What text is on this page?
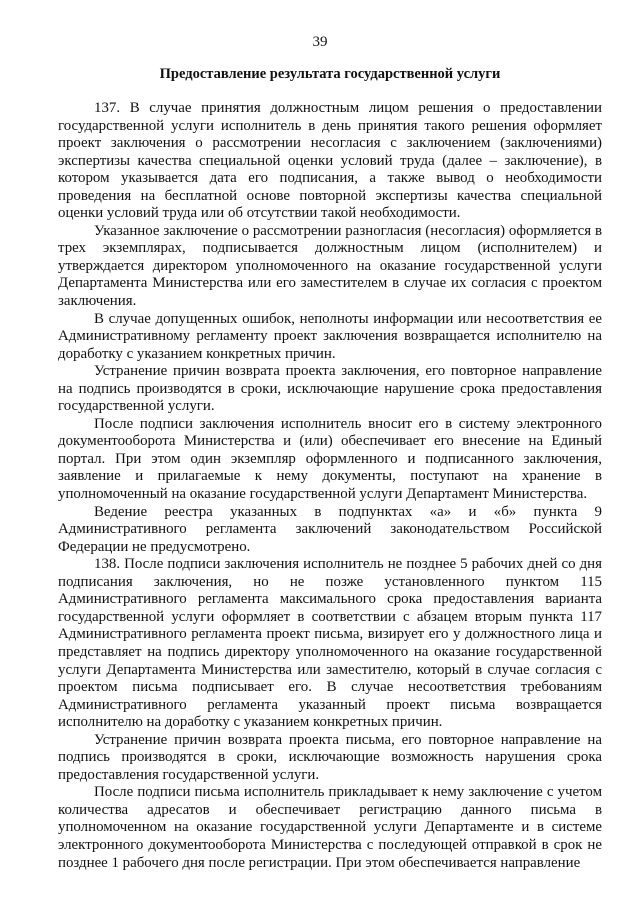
39
Предоставление результата государственной услуги

137. В случае принятия должностным лицом решения о предоставлении государственной услуги исполнитель в день принятия такого решения оформляет проект заключения о рассмотрении несогласия с заключением (заключениями) экспертизы качества специальной оценки условий труда (далее – заключение), в котором указывается дата его подписания, а также вывод о необходимости проведения на бесплатной основе повторной экспертизы качества специальной оценки условий труда или об отсутствии такой необходимости.

Указанное заключение о рассмотрении разногласия (несогласия) оформляется в трех экземплярах, подписывается должностным лицом (исполнителем) и утверждается директором уполномоченного на оказание государственной услуги Департамента Министерства или его заместителем в случае их согласия с проектом заключения.

В случае допущенных ошибок, неполноты информации или несоответствия ее Административному регламенту проект заключения возвращается исполнителю на доработку с указанием конкретных причин.

Устранение причин возврата проекта заключения, его повторное направление на подпись производятся в сроки, исключающие нарушение срока предоставления государственной услуги.

После подписи заключения исполнитель вносит его в систему электронного документооборота Министерства и (или) обеспечивает его внесение на Единый портал. При этом один экземпляр оформленного и подписанного заключения, заявление и прилагаемые к нему документы, поступают на хранение в уполномоченный на оказание государственной услуги Департамент Министерства.

Ведение реестра указанных в подпунктах «а» и «б» пункта 9 Административного регламента заключений законодательством Российской Федерации не предусмотрено.

138. После подписи заключения исполнитель не позднее 5 рабочих дней со дня подписания заключения, но не позже установленного пунктом 115 Административного регламента максимального срока предоставления варианта государственной услуги оформляет в соответствии с абзацем вторым пункта 117 Административного регламента проект письма, визирует его у должностного лица и представляет на подпись директору уполномоченного на оказание государственной услуги Департамента Министерства или заместителю, который в случае согласия с проектом письма подписывает его. В случае несоответствия требованиям Административного регламента указанный проект письма возвращается исполнителю на доработку с указанием конкретных причин.

Устранение причин возврата проекта письма, его повторное направление на подпись производятся в сроки, исключающие возможность нарушения срока предоставления государственной услуги.

После подписи письма исполнитель прикладывает к нему заключение с учетом количества адресатов и обеспечивает регистрацию данного письма в уполномоченном на оказание государственной услуги Департаменте и в системе электронного документооборота Министерства с последующей отправкой в срок не позднее 1 рабочего дня после регистрации. При этом обеспечивается направление
